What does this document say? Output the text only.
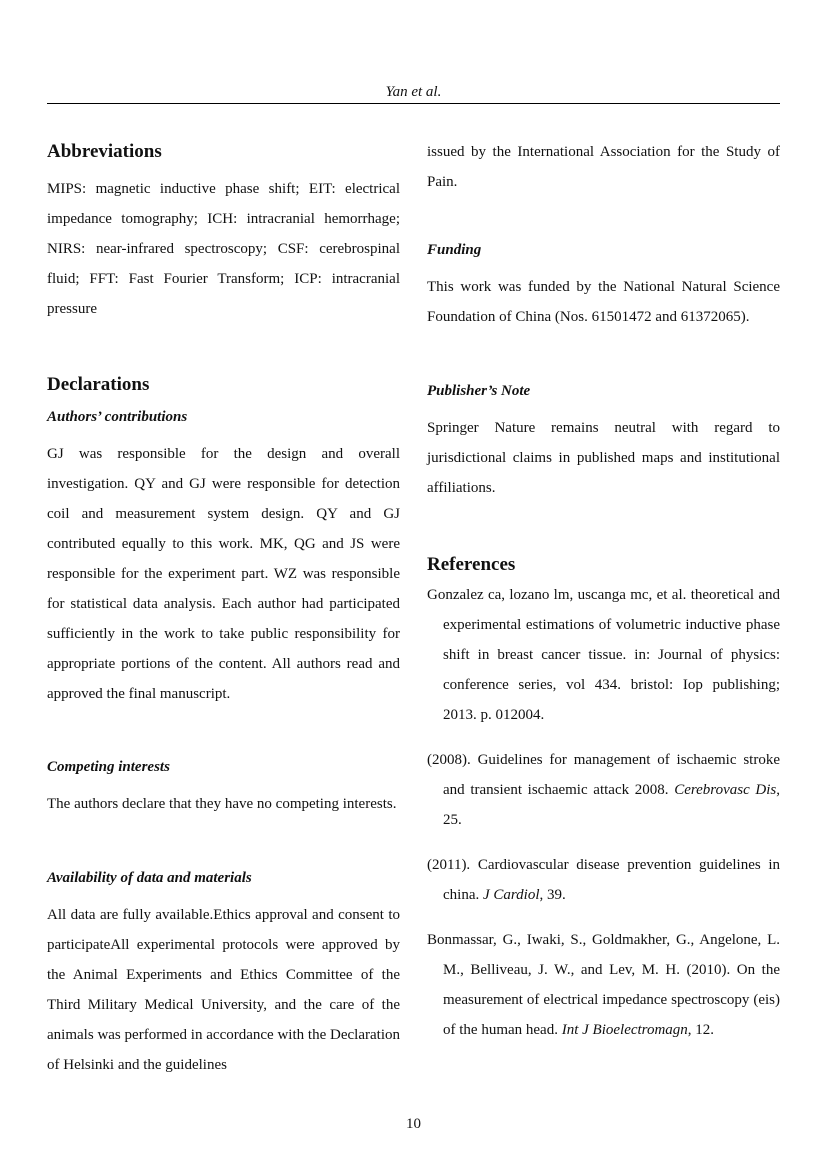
Yan et al.
Abbreviations

MIPS: magnetic inductive phase shift; EIT: electrical impedance tomography; ICH: intracranial hemorrhage; NIRS: near-infrared spectroscopy; CSF: cerebrospinal fluid; FFT: Fast Fourier Transform; ICP: intracranial pressure

Declarations
Authors’ contributions

GJ was responsible for the design and overall investigation. QY and GJ were responsible for detection coil and measurement system design. QY and GJ contributed equally to this work. MK, QG and JS were responsible for the experiment part. WZ was responsible for statistical data analysis. Each author had participated sufficiently in the work to take public responsibility for appropriate portions of the content. All authors read and approved the final manuscript.

Competing interests

The authors declare that they have no competing interests.

Availability of data and materials

All data are fully available.Ethics approval and consent to participateAll experimental protocols were approved by the Animal Experiments and Ethics Committee of the Third Military Medical University, and the care of the animals was performed in accordance with the Declaration of Helsinki and the guidelines

issued by the International Association for the Study of Pain.

Funding

This work was funded by the National Natural Science Foundation of China (Nos. 61501472 and 61372065).

Publisher’s Note

Springer Nature remains neutral with regard to jurisdictional claims in published maps and institutional affiliations.

References
Gonzalez ca, lozano lm, uscanga mc, et al. theoretical and experimental estimations of volumetric inductive phase shift in breast cancer tissue. in: Journal of physics: conference series, vol 434. bristol: Iop publishing; 2013. p. 012004.
(2008). Guidelines for management of ischaemic stroke and transient ischaemic attack 2008. Cerebrovasc Dis, 25.
(2011). Cardiovascular disease prevention guidelines in china. J Cardiol, 39.
Bonmassar, G., Iwaki, S., Goldmakher, G., Angelone, L. M., Belliveau, J. W., and Lev, M. H. (2010). On the measurement of electrical impedance spectroscopy (eis) of the human head. Int J Bioelectromagn, 12.
10
